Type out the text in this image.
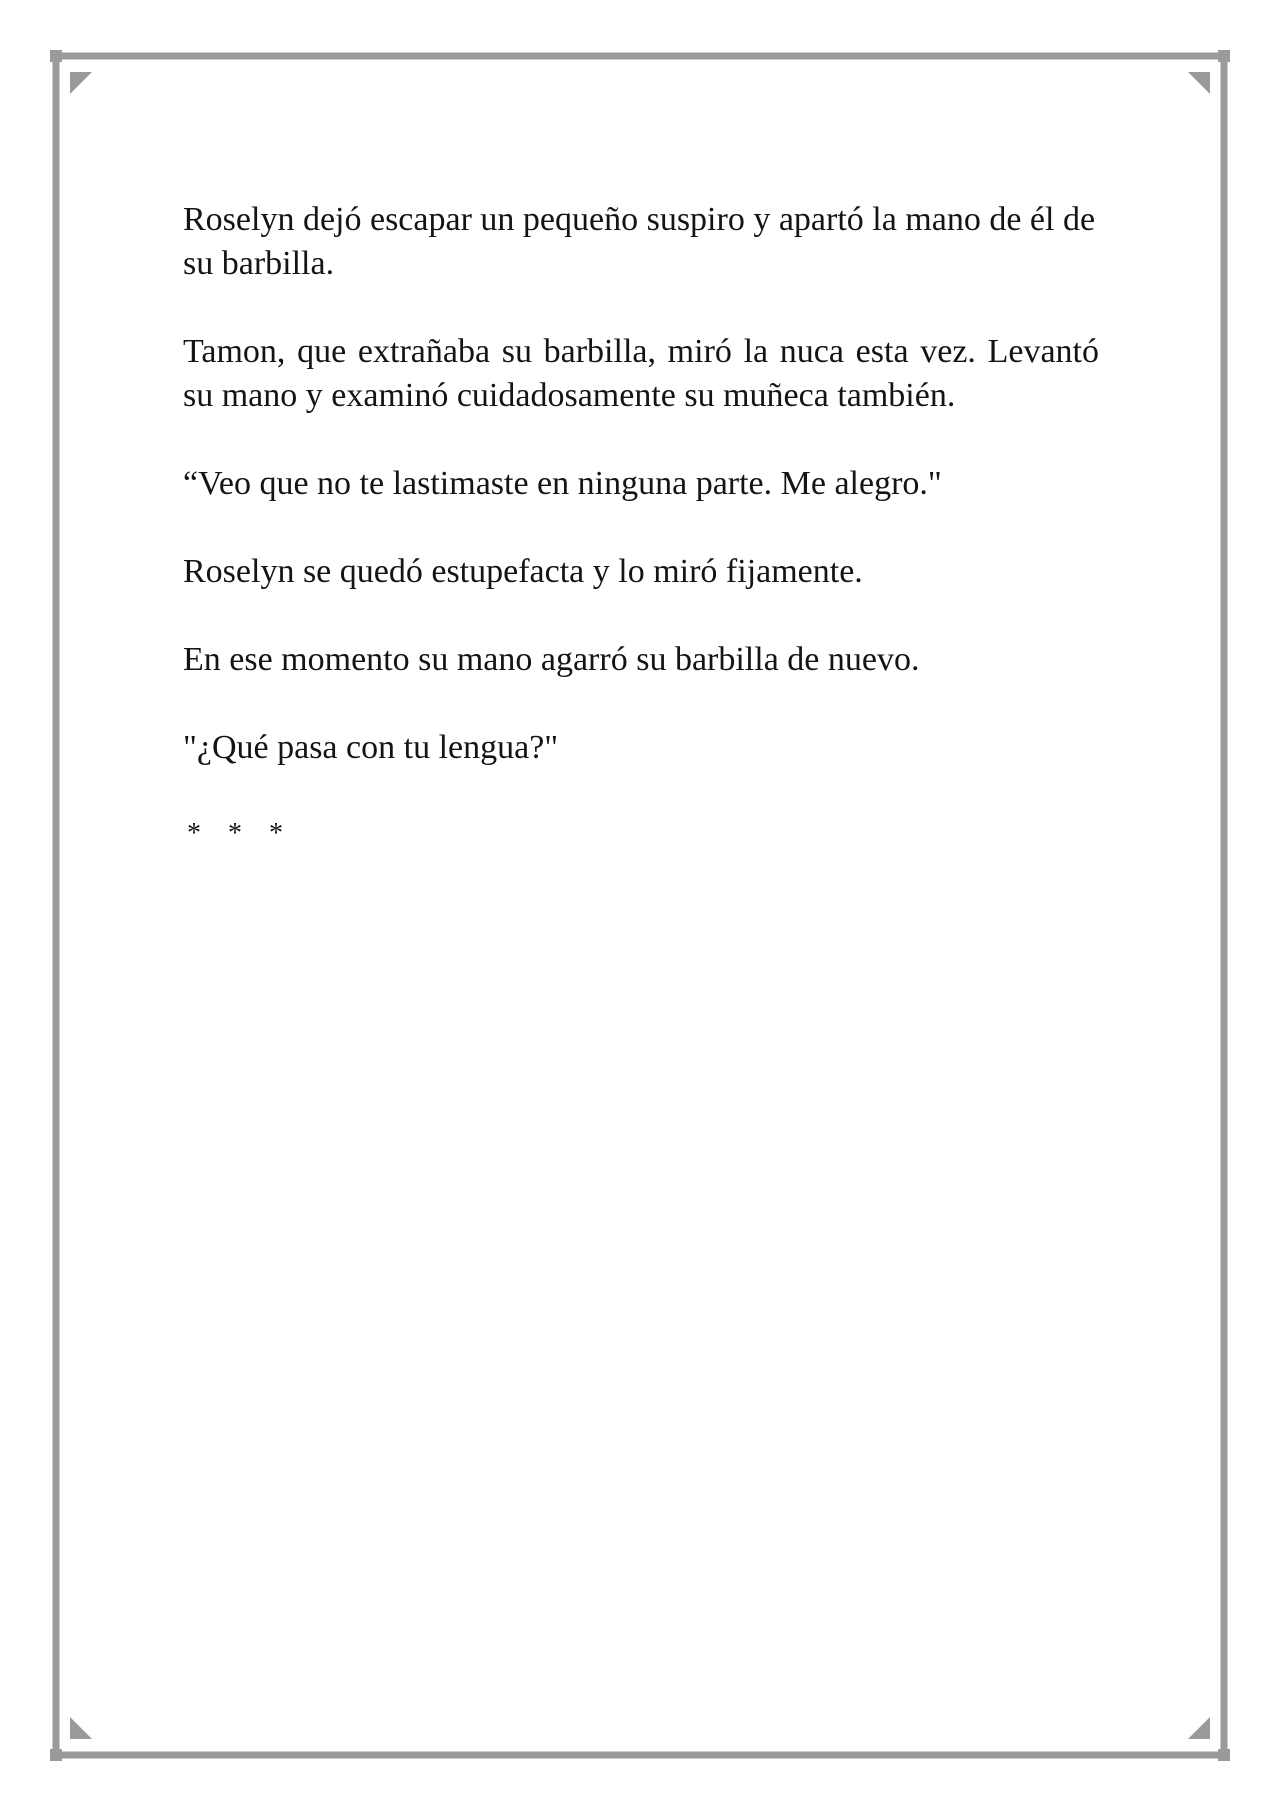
Roselyn dejó escapar un pequeño suspiro y apartó la mano de él de su barbilla.

Tamon, que extrañaba su barbilla, miró la nuca esta vez. Levantó su mano y examinó cuidadosamente su muñeca también.

“Veo que no te lastimaste en ninguna parte. Me alegro."

Roselyn se quedó estupefacta y lo miró fijamente.

En ese momento su mano agarró su barbilla de nuevo.

"¿Qué pasa con tu lengua?"

* * *
